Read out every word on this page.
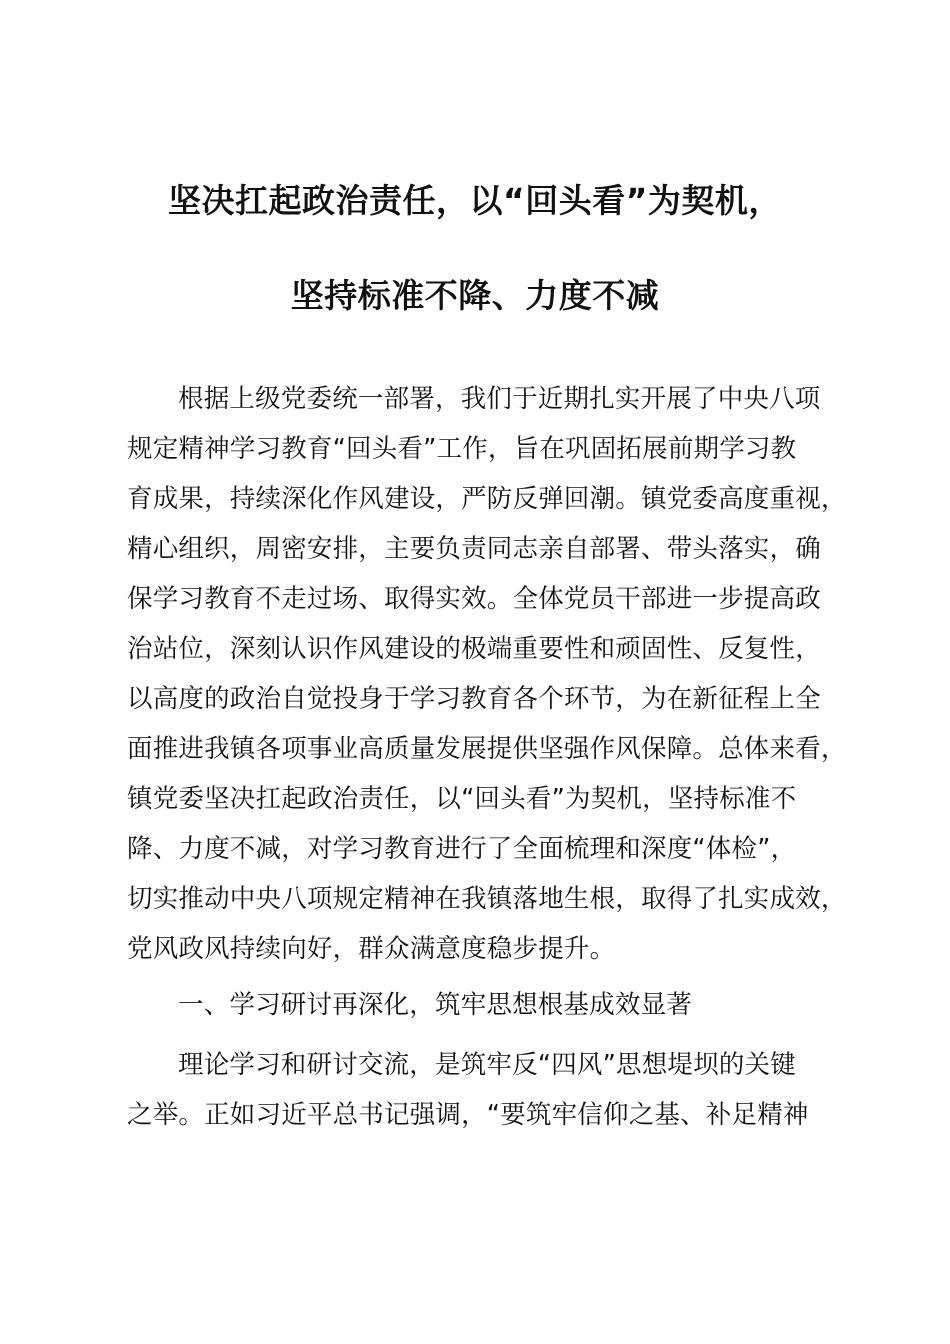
坚决扛起政治责任，以“回头看”为契机，
坚持标准不降、力度不减
根据上级党委统一部署，我们于近期扎实开展了中央八项
规定精神学习教育“回头看”工作，旨在巩固拓展前期学习教
育成果，持续深化作风建设，严防反弹回潮。镇党委高度重视，
精心组织，周密安排，主要负责同志亲自部署、带头落实，确
保学习教育不走过场、取得实效。全体党员干部进一步提高政
治站位，深刻认识作风建设的极端重要性和顽固性、反复性，
以高度的政治自觉投身于学习教育各个环节，为在新征程上全
面推进我镇各项事业高质量发展提供坚强作风保障。总体来看，
镇党委坚决扛起政治责任，以“回头看”为契机，坚持标准不
降、力度不减，对学习教育进行了全面梳理和深度“体检”，
切实推动中央八项规定精神在我镇落地生根，取得了扎实成效，
党风政风持续向好，群众满意度稳步提升。
一、学习研讨再深化，筑牢思想根基成效显著
理论学习和研讨交流，是筑牢反“四风”思想堤坝的关键
之举。正如习近平总书记强调，“要筑牢信仰之基、补足精神
